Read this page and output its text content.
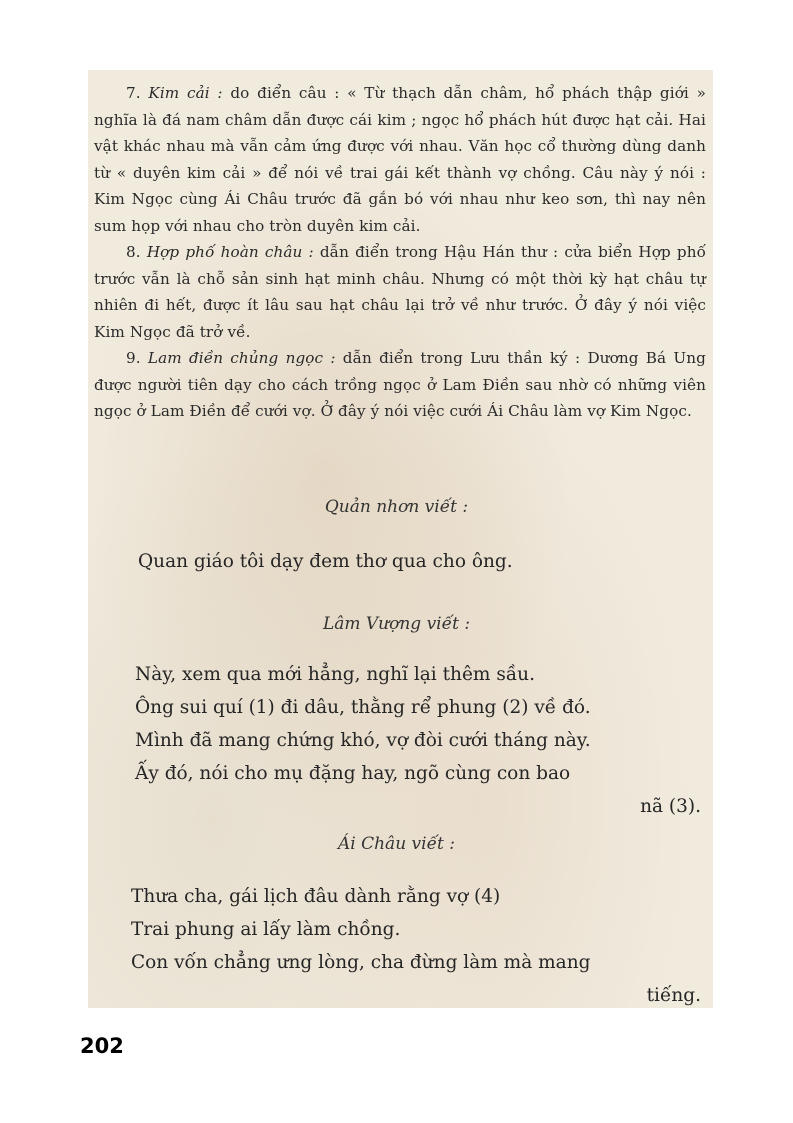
7. Kim cải : do điển câu : « Từ thạch dẫn châm, hổ phách thập giới » nghĩa là đá nam châm dẫn được cái kim ; ngọc hổ phách hút được hạt cải. Hai vật khác nhau mà vẫn cảm ứng được với nhau. Văn học cổ thường dùng danh từ « duyên kim cải » để nói về trai gái kết thành vợ chồng. Câu này ý nói : Kim Ngọc cùng Ái Châu trước đã gắn bó với nhau như keo sơn, thì nay nên sum họp với nhau cho tròn duyên kim cải.

8. Hợp phố hoàn châu : dẫn điển trong Hậu Hán thư : cửa biển Hợp phố trước vẫn là chỗ sản sinh hạt minh châu. Nhưng có một thời kỳ hạt châu tự nhiên đi hết, được ít lâu sau hạt châu lại trở về như trước. Ở đây ý nói việc Kim Ngọc đã trở về.

9. Lam điền chủng ngọc : dẫn điển trong Lưu thần ký : Dương Bá Ung được người tiên dạy cho cách trồng ngọc ở Lam Điền sau nhờ có những viên ngọc ở Lam Điền để cưới vợ. Ở đây ý nói việc cưới Ái Châu làm vợ Kim Ngọc.

Quản nhơn viết :
Quan giáo tôi dạy đem thơ qua cho ông.
Lâm Vượng viết :
Này, xem qua mới hẳng, nghĩ lại thêm sầu.
Ông sui quí (1) đi dâu, thằng rể phung (2) về đó.
Mình đã mang chứng khó, vợ đòi cưới tháng này.
Ấy đó, nói cho mụ đặng hay, ngõ cùng con bao
nã (3).
Ái Châu viết :
Thưa cha, gái lịch đâu dành rằng vợ (4)
Trai phung ai lấy làm chồng.
Con vốn chẳng ưng lòng, cha đừng làm mà mang
tiếng.
202
